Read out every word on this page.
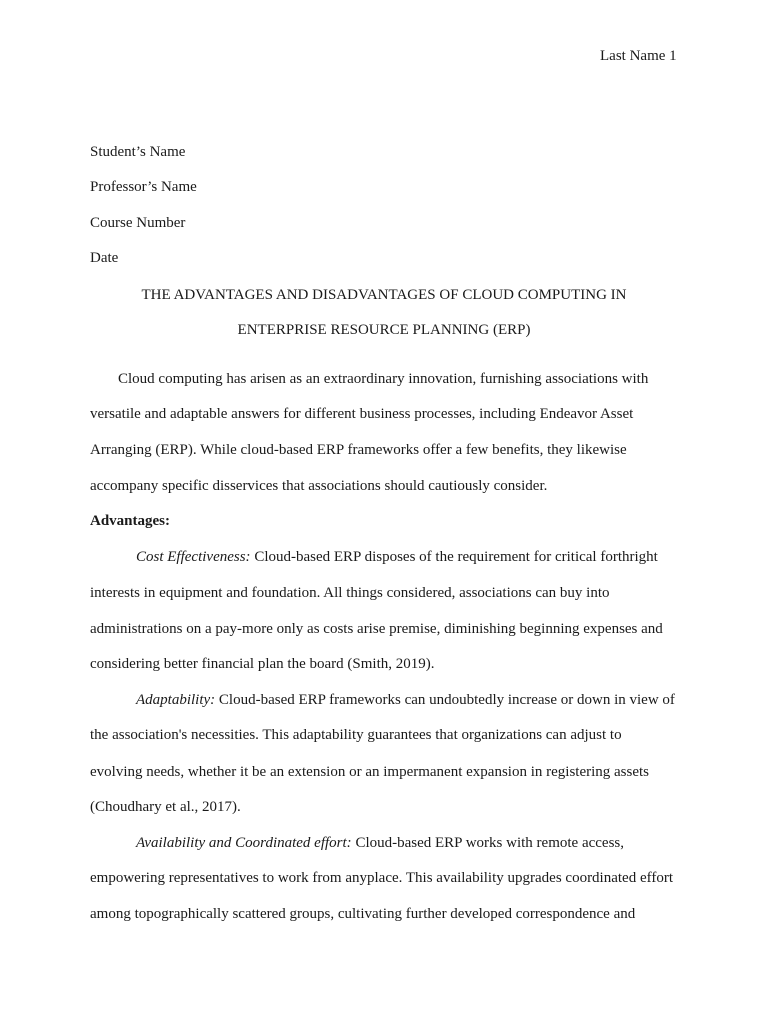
Last Name 1
Student’s Name
Professor’s Name
Course Number
Date
THE ADVANTAGES AND DISADVANTAGES OF CLOUD COMPUTING IN
ENTERPRISE RESOURCE PLANNING (ERP)
Cloud computing has arisen as an extraordinary innovation, furnishing associations with
versatile and adaptable answers for different business processes, including Endeavor Asset
Arranging (ERP). While cloud-based ERP frameworks offer a few benefits, they likewise
accompany specific disservices that associations should cautiously consider.
Advantages:
Cost Effectiveness: Cloud-based ERP disposes of the requirement for critical forthright
interests in equipment and foundation. All things considered, associations can buy into
administrations on a pay-more only as costs arise premise, diminishing beginning expenses and
considering better financial plan the board (Smith, 2019).
Adaptability: Cloud-based ERP frameworks can undoubtedly increase or down in view of
the association's necessities. This adaptability guarantees that organizations can adjust to
evolving needs, whether it be an extension or an impermanent expansion in registering assets
(Choudhary et al., 2017).
Availability and Coordinated effort: Cloud-based ERP works with remote access,
empowering representatives to work from anyplace. This availability upgrades coordinated effort
among topographically scattered groups, cultivating further developed correspondence and
